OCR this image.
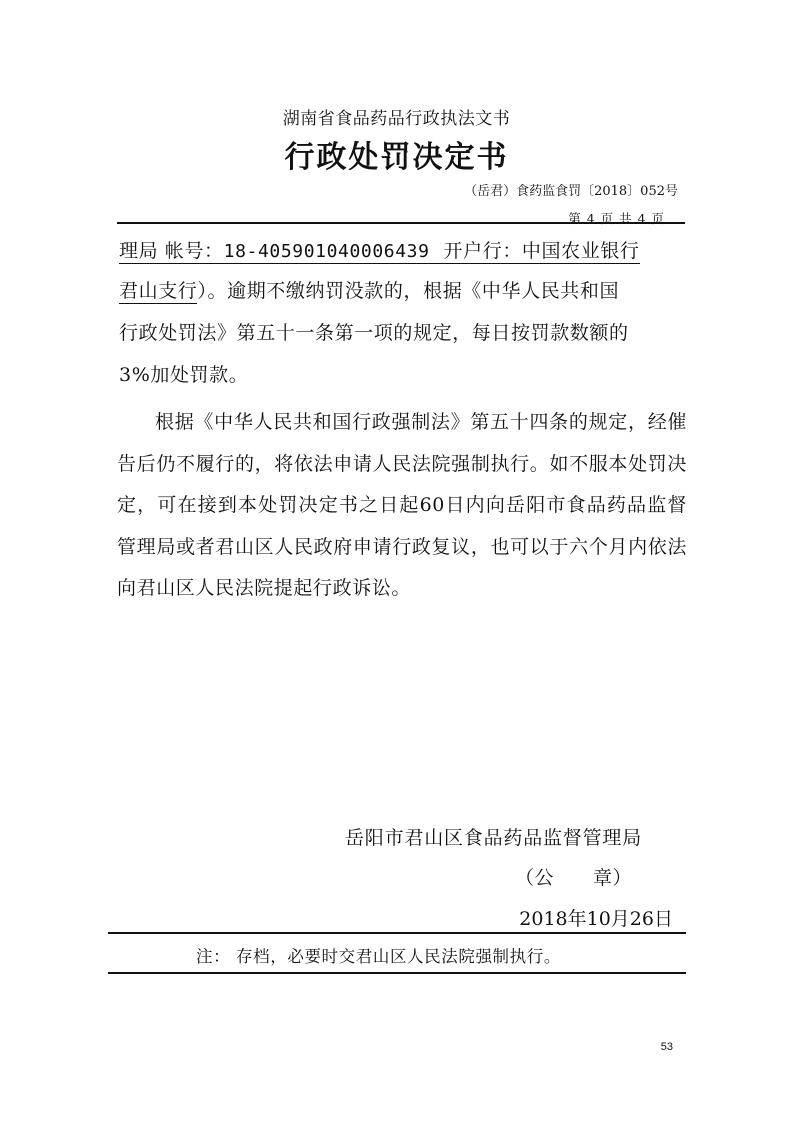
湖南省食品药品行政执法文书
行政处罚决定书
（岳君）食药监食罚〔2018〕052号
第 4 页 共 4 页
理局 帐号：18-405901040006439 开户行：中国农业银行
君山支行）。逾期不缴纳罚没款的，根据《中华人民共和国
行政处罚法》第五十一条第一项的规定，每日按罚款数额的
3%加处罚款。
根据《中华人民共和国行政强制法》第五十四条的规定，经催告后仍不履行的，将依法申请人民法院强制执行。如不服本处罚决定，可在接到本处罚决定书之日起60日内向岳阳市食品药品监督管理局或者君山区人民政府申请行政复议，也可以于六个月内依法向君山区人民法院提起行政诉讼。
岳阳市君山区食品药品监督管理局
（公　　章）
2018年10月26日
注： 存档，必要时交君山区人民法院强制执行。
53
